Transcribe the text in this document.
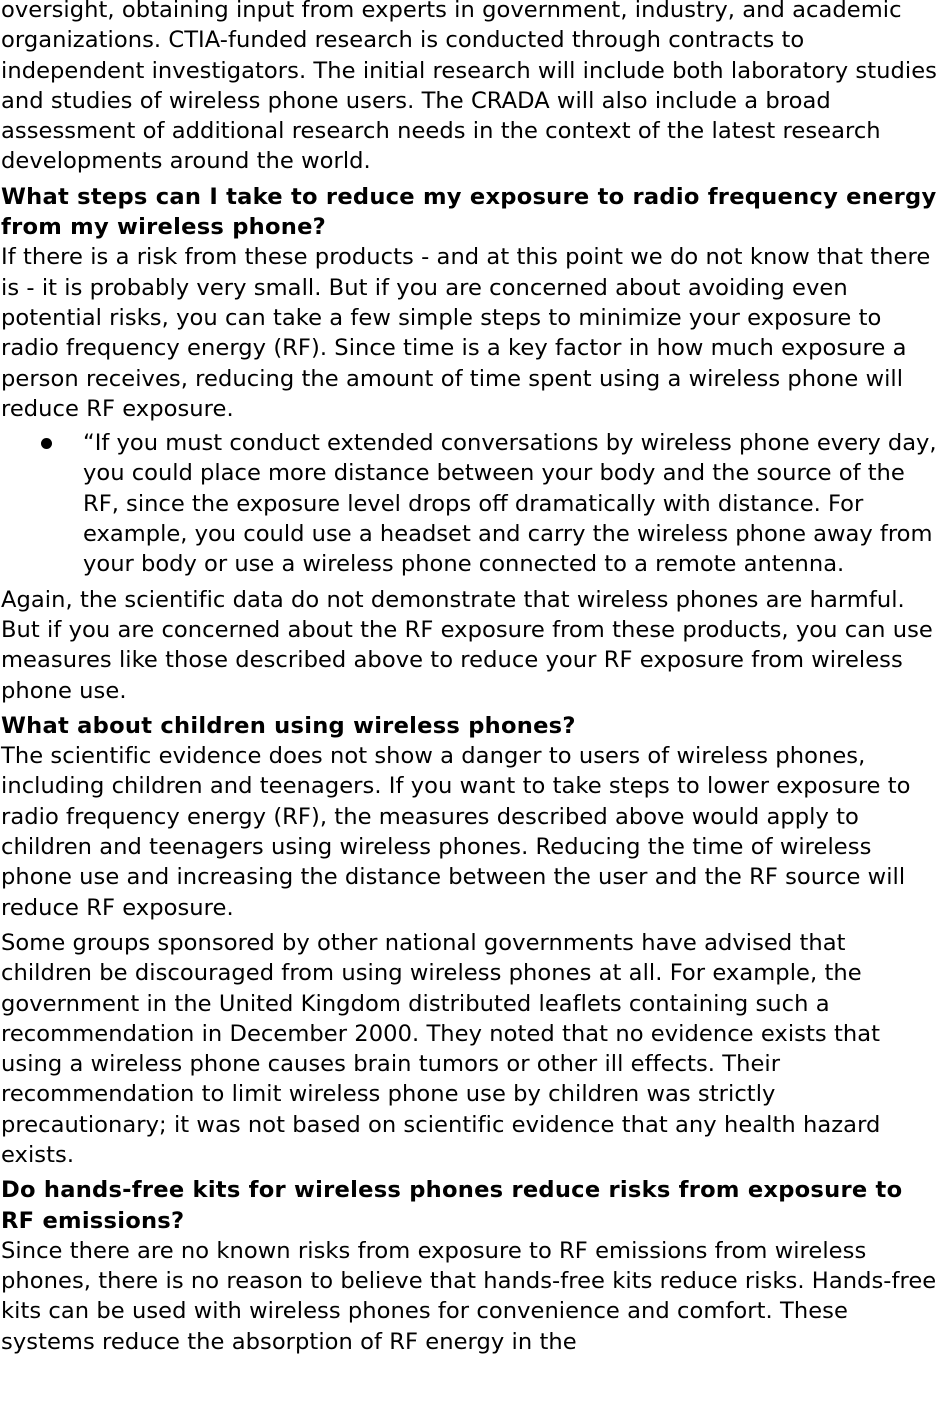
oversight, obtaining input from experts in government, industry, and academic organizations. CTIA-funded research is conducted through contracts to independent investigators. The initial research will include both laboratory studies and studies of wireless phone users. The CRADA will also include a broad assessment of additional research needs in the context of the latest research developments around the world.

What steps can I take to reduce my exposure to radio frequency energy from my wireless phone?

If there is a risk from these products - and at this point we do not know that there is - it is probably very small. But if you are concerned about avoiding even potential risks, you can take a few simple steps to minimize your exposure to radio frequency energy (RF). Since time is a key factor in how much exposure a person receives, reducing the amount of time spent using a wireless phone will reduce RF exposure.

“If you must conduct extended conversations by wireless phone every day, you could place more distance between your body and the source of the RF, since the exposure level drops off dramatically with distance. For example, you could use a headset and carry the wireless phone away from your body or use a wireless phone connected to a remote antenna.

Again, the scientific data do not demonstrate that wireless phones are harmful. But if you are concerned about the RF exposure from these products, you can use measures like those described above to reduce your RF exposure from wireless phone use.

What about children using wireless phones?

The scientific evidence does not show a danger to users of wireless phones, including children and teenagers. If you want to take steps to lower exposure to radio frequency energy (RF), the measures described above would apply to children and teenagers using wireless phones. Reducing the time of wireless phone use and increasing the distance between the user and the RF source will reduce RF exposure.

Some groups sponsored by other national governments have advised that children be discouraged from using wireless phones at all. For example, the government in the United Kingdom distributed leaflets containing such a recommendation in December 2000. They noted that no evidence exists that using a wireless phone causes brain tumors or other ill effects. Their recommendation to limit wireless phone use by children was strictly precautionary; it was not based on scientific evidence that any health hazard exists.

Do hands-free kits for wireless phones reduce risks from exposure to RF emissions?

Since there are no known risks from exposure to RF emissions from wireless phones, there is no reason to believe that hands-free kits reduce risks. Hands-free kits can be used with wireless phones for convenience and comfort. These systems reduce the absorption of RF energy in the
